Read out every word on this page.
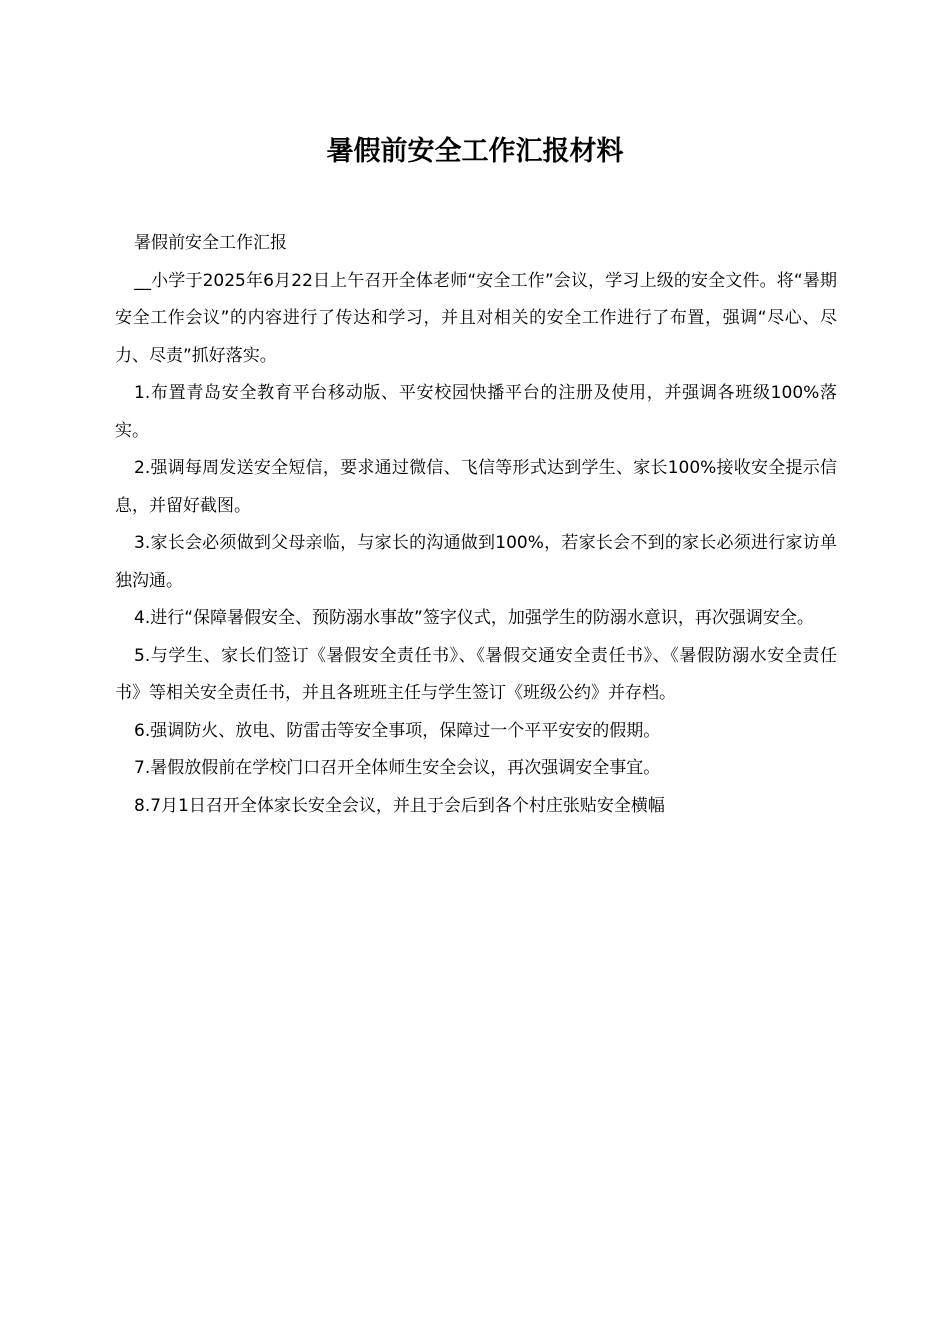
暑假前安全工作汇报材料

暑假前安全工作汇报

__小学于2025年6月22日上午召开全体老师“安全工作”会议，学习上级的安全文件。将“暑期安全工作会议”的内容进行了传达和学习，并且对相关的安全工作进行了布置，强调“尽心、尽力、尽责”抓好落实。

1.布置青岛安全教育平台移动版、平安校园快播平台的注册及使用，并强调各班级100%落实。

2.强调每周发送安全短信，要求通过微信、飞信等形式达到学生、家长100%接收安全提示信息，并留好截图。

3.家长会必须做到父母亲临，与家长的沟通做到100%，若家长会不到的家长必须进行家访单独沟通。

4.进行“保障暑假安全、预防溺水事故”签字仪式，加强学生的防溺水意识，再次强调安全。

5.与学生、家长们签订《暑假安全责任书》、《暑假交通安全责任书》、《暑假防溺水安全责任书》等相关安全责任书，并且各班班主任与学生签订《班级公约》并存档。

6.强调防火、放电、防雷击等安全事项，保障过一个平平安安的假期。

7.暑假放假前在学校门口召开全体师生安全会议，再次强调安全事宜。

8.7月1日召开全体家长安全会议，并且于会后到各个村庄张贴安全横幅
